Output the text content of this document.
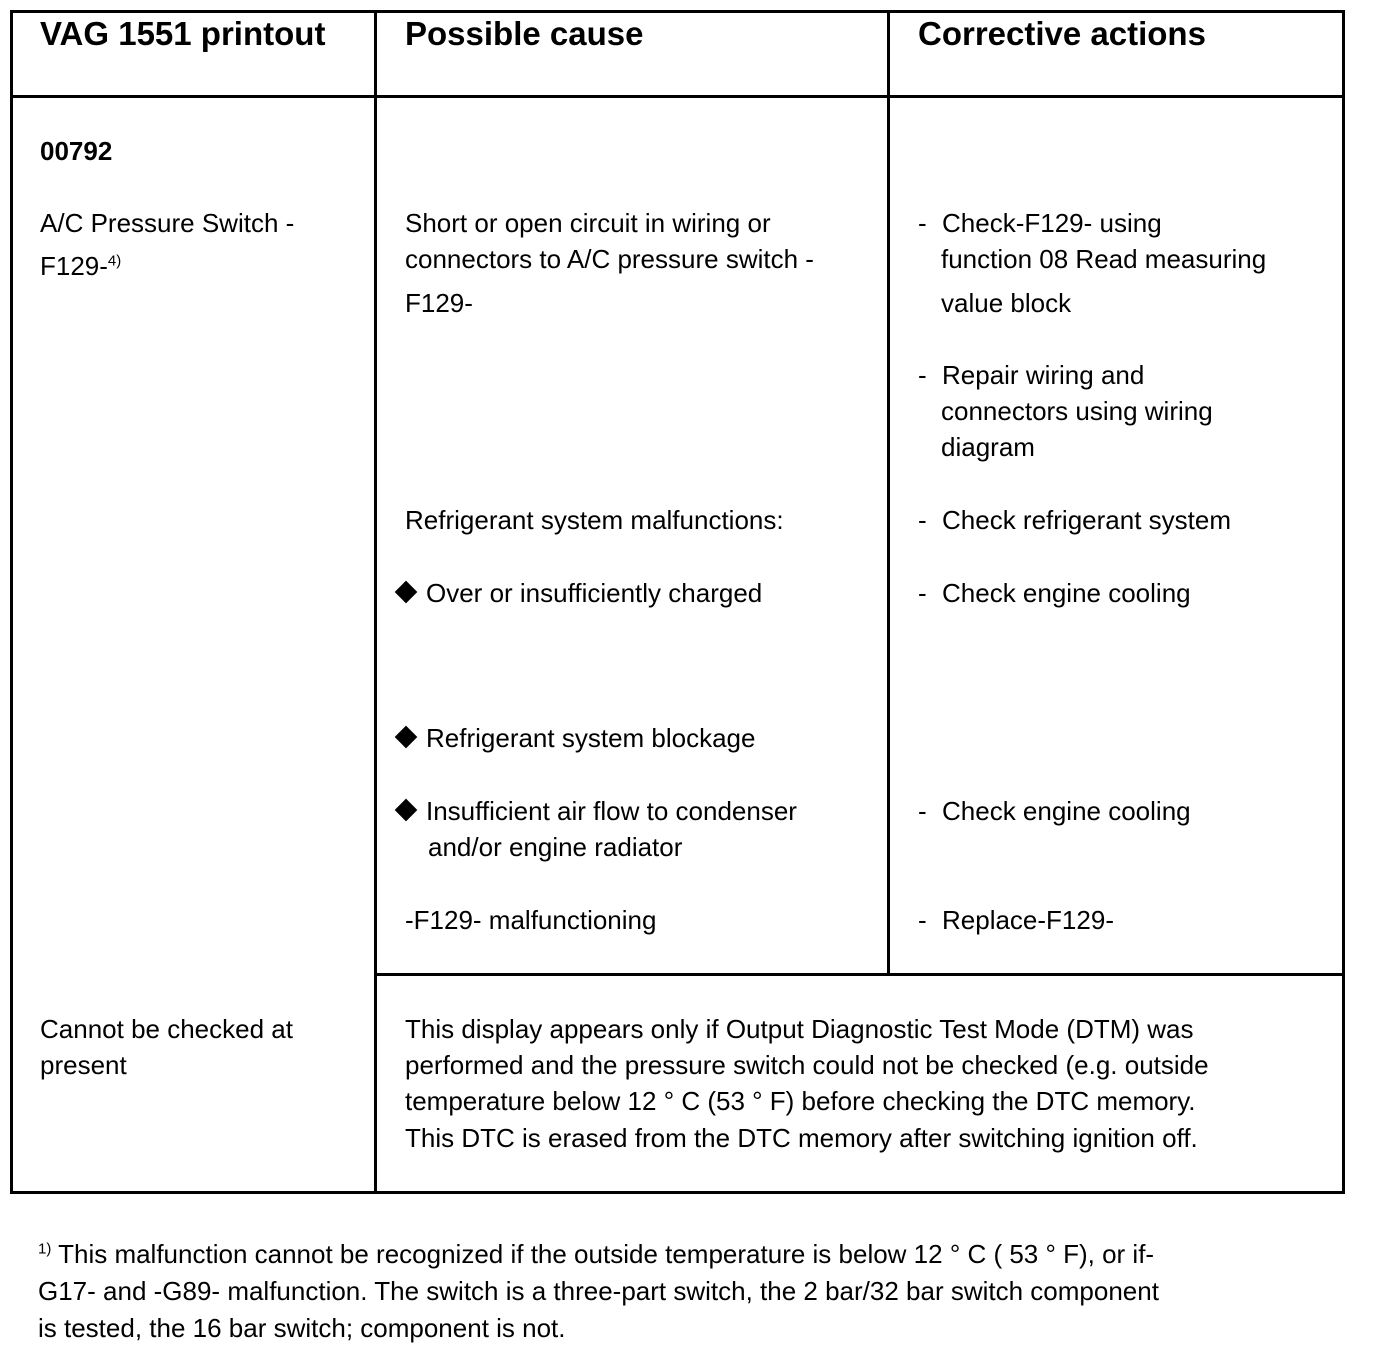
VAG 1551 printout Possible cause	Corrective actions
00792
A/C Pressure Switch -
F129-$^{4)}$
Short or open circuit in wiring or
connectors to A/C pressure switch -
F129-
Refrigerant system malfunctions:
Over or insufficiently charged
Refrigerant system blockage
Insufficient air flow to condenser
and/or engine radiator
-F129- malfunctioning
- Check-F129- using
function 08 Read measuring
value block
- Repair wiring and
connectors using wiring
diagram
- Check refrigerant system
- Check engine cooling
- Check engine cooling
- Replace-F129-
Cannot be checked at
present
This display appears only if Output Diagnostic Test Mode (DTM) was
performed and the pressure switch could not be checked (e.g. outside
temperature below 12 ° C (53 ° F) before checking the DTC memory.
This DTC is erased from the DTC memory after switching ignition off.
$^{1)}$ This malfunction cannot be recognized if the outside temperature is below 12 ° C ( 53 ° F), or if-
G17- and -G89- malfunction. The switch is a three-part switch, the 2 bar/32 bar switch component
is tested, the 16 bar switch; component is not.
